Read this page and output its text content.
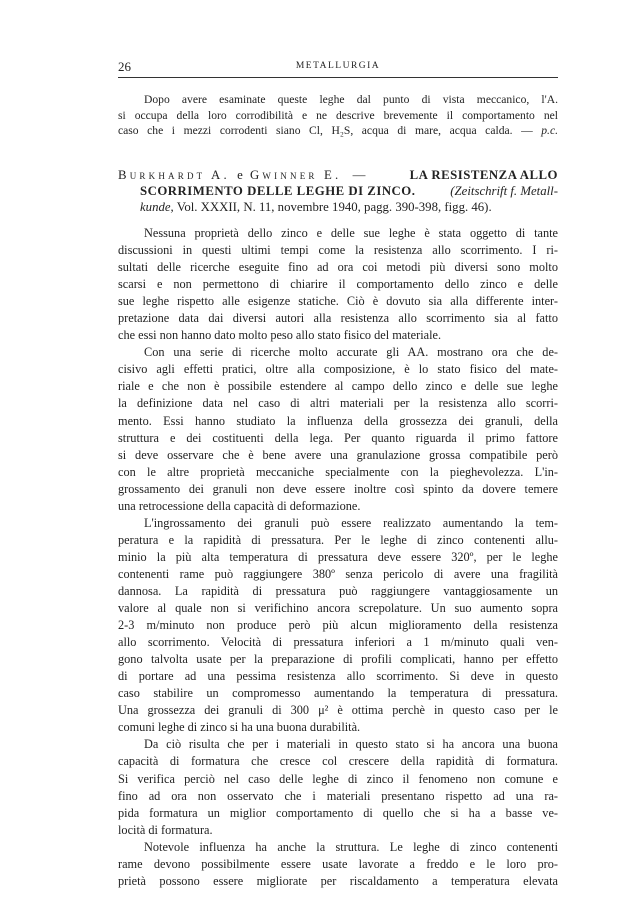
26	METALLURGIA
Dopo avere esaminate queste leghe dal punto di vista meccanico, l'A.
si occupa della loro corrodibilità e ne descrive brevemente il comportamento nel
caso che i mezzi corrodenti siano Cl, H₂S, acqua di mare, acqua calda. — p.c.
Burkhardt A. e Gwinner E. —	LA RESISTENZA ALLO
SCORRIMENTO DELLE LEGHE DI ZINCO.	(Zeitschrift f. Metall-
kunde, Vol. XXXII, N. 11, novembre 1940, pagg. 390-398, figg. 46).
Nessuna proprietà dello zinco e delle sue leghe è stata oggetto di tante
discussioni in questi ultimi tempi come la resistenza allo scorrimento. I ri-
sultati delle ricerche eseguite fino ad ora coi metodi più diversi sono molto
scarsi e non permettono di chiarire il comportamento dello zinco e delle
sue leghe rispetto alle esigenze statiche. Ciò è dovuto sia alla differente inter-
pretazione data dai diversi autori alla resistenza allo scorrimento sia al fatto
che essi non hanno dato molto peso allo stato fisico del materiale.
Con una serie di ricerche molto accurate gli AA. mostrano ora che de-
cisivo agli effetti pratici, oltre alla composizione, è lo stato fisico del mate-
riale e che non è possibile estendere al campo dello zinco e delle sue leghe
la definizione data nel caso di altri materiali per la resistenza allo scorri-
mento. Essi hanno studiato la influenza della grossezza dei granuli, della
struttura e dei costituenti della lega. Per quanto riguarda il primo fattore
si deve osservare che è bene avere una granulazione grossa compatibile però
con le altre proprietà meccaniche specialmente con la pieghevolezza. L'in-
grossamento dei granuli non deve essere inoltre così spinto da dovere temere
una retrocessione della capacità di deformazione.
L'ingrossamento dei granuli può essere realizzato aumentando la tem-
peratura e la rapidità di pressatura. Per le leghe di zinco contenenti allu-
minio la più alta temperatura di pressatura deve essere 320º, per le leghe
contenenti rame può raggiungere 380º senza pericolo di avere una fragilità
dannosa. La rapidità di pressatura può raggiungere vantaggiosamente un
valore al quale non si verifichino ancora screpolature. Un suo aumento sopra
2-3 m/minuto non produce però più alcun miglioramento della resistenza
allo scorrimento. Velocità di pressatura inferiori a 1 m/minuto quali ven-
gono talvolta usate per la preparazione di profili complicati, hanno per effetto
di portare ad una pessima resistenza allo scorrimento. Si deve in questo
caso stabilire un compromesso aumentando la temperatura di pressatura.
Una grossezza dei granuli di 300 μ² è ottima perchè in questo caso per le
comuni leghe di zinco si ha una buona durabilità.
Da ciò risulta che per i materiali in questo stato si ha ancora una buona
capacità di formatura che cresce col crescere della rapidità di formatura.
Si verifica perciò nel caso delle leghe di zinco il fenomeno non comune e
fino ad ora non osservato che i materiali presentano rispetto ad una ra-
pida formatura un miglior comportamento di quello che si ha a basse ve-
locità di formatura.
Notevole influenza ha anche la struttura. Le leghe di zinco contenenti
rame devono possibilmente essere usate lavorate a freddo e le loro pro-
prietà possono essere migliorate per riscaldamento a temperatura elevata
